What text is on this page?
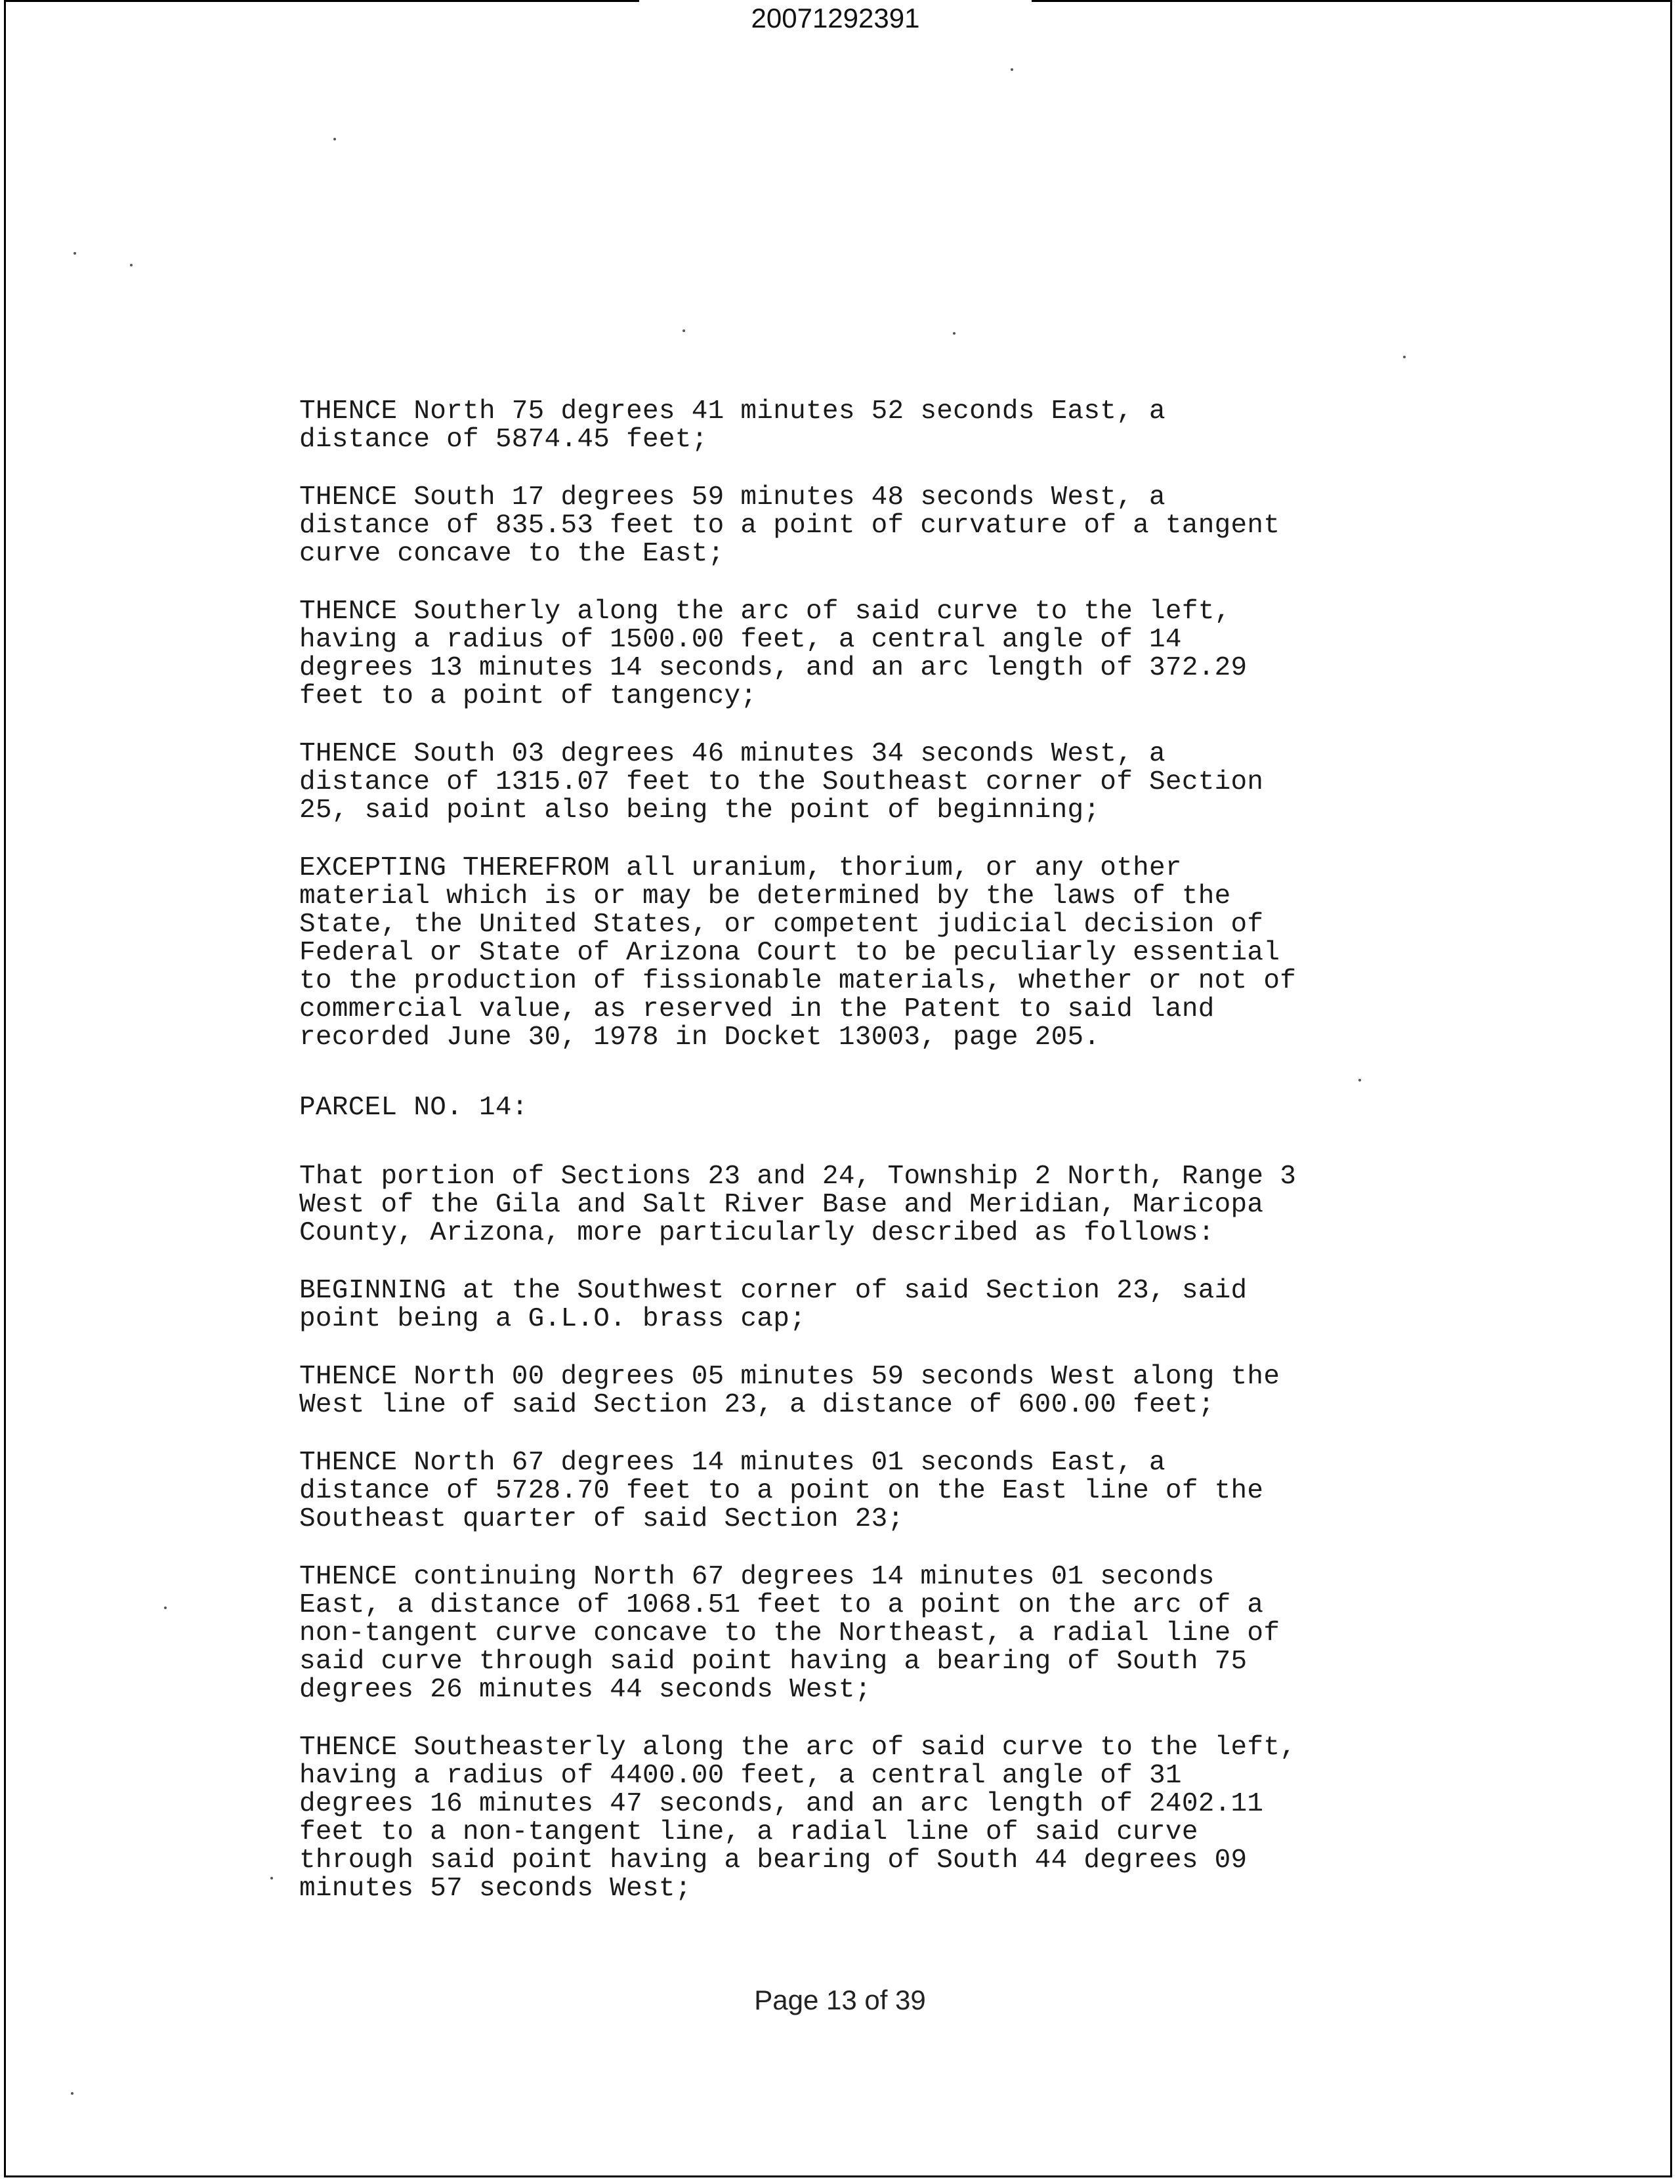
20071292391

THENCE North 75 degrees 41 minutes 52 seconds East, a
distance of 5874.45 feet;

THENCE South 17 degrees 59 minutes 48 seconds West, a
distance of 835.53 feet to a point of curvature of a tangent
curve concave to the East;

THENCE Southerly along the arc of said curve to the left,
having a radius of 1500.00 feet, a central angle of 14
degrees 13 minutes 14 seconds, and an arc length of 372.29
feet to a point of tangency;

THENCE South 03 degrees 46 minutes 34 seconds West, a
distance of 1315.07 feet to the Southeast corner of Section
25, said point also being the point of beginning;

EXCEPTING THEREFROM all uranium, thorium, or any other
material which is or may be determined by the laws of the
State, the United States, or competent judicial decision of
Federal or State of Arizona Court to be peculiarly essential
to the production of fissionable materials, whether or not of
commercial value, as reserved in the Patent to said land
recorded June 30, 1978 in Docket 13003, page 205.

PARCEL NO. 14:

That portion of Sections 23 and 24, Township 2 North, Range 3
West of the Gila and Salt River Base and Meridian, Maricopa
County, Arizona, more particularly described as follows:

BEGINNING at the Southwest corner of said Section 23, said
point being a G.L.O. brass cap;

THENCE North 00 degrees 05 minutes 59 seconds West along the
West line of said Section 23, a distance of 600.00 feet;

THENCE North 67 degrees 14 minutes 01 seconds East, a
distance of 5728.70 feet to a point on the East line of the
Southeast quarter of said Section 23;

THENCE continuing North 67 degrees 14 minutes 01 seconds
East, a distance of 1068.51 feet to a point on the arc of a
non-tangent curve concave to the Northeast, a radial line of
said curve through said point having a bearing of South 75
degrees 26 minutes 44 seconds West;

THENCE Southeasterly along the arc of said curve to the left,
having a radius of 4400.00 feet, a central angle of 31
degrees 16 minutes 47 seconds, and an arc length of 2402.11
feet to a non-tangent line, a radial line of said curve
through said point having a bearing of South 44 degrees 09
minutes 57 seconds West;

Page 13 of 39
